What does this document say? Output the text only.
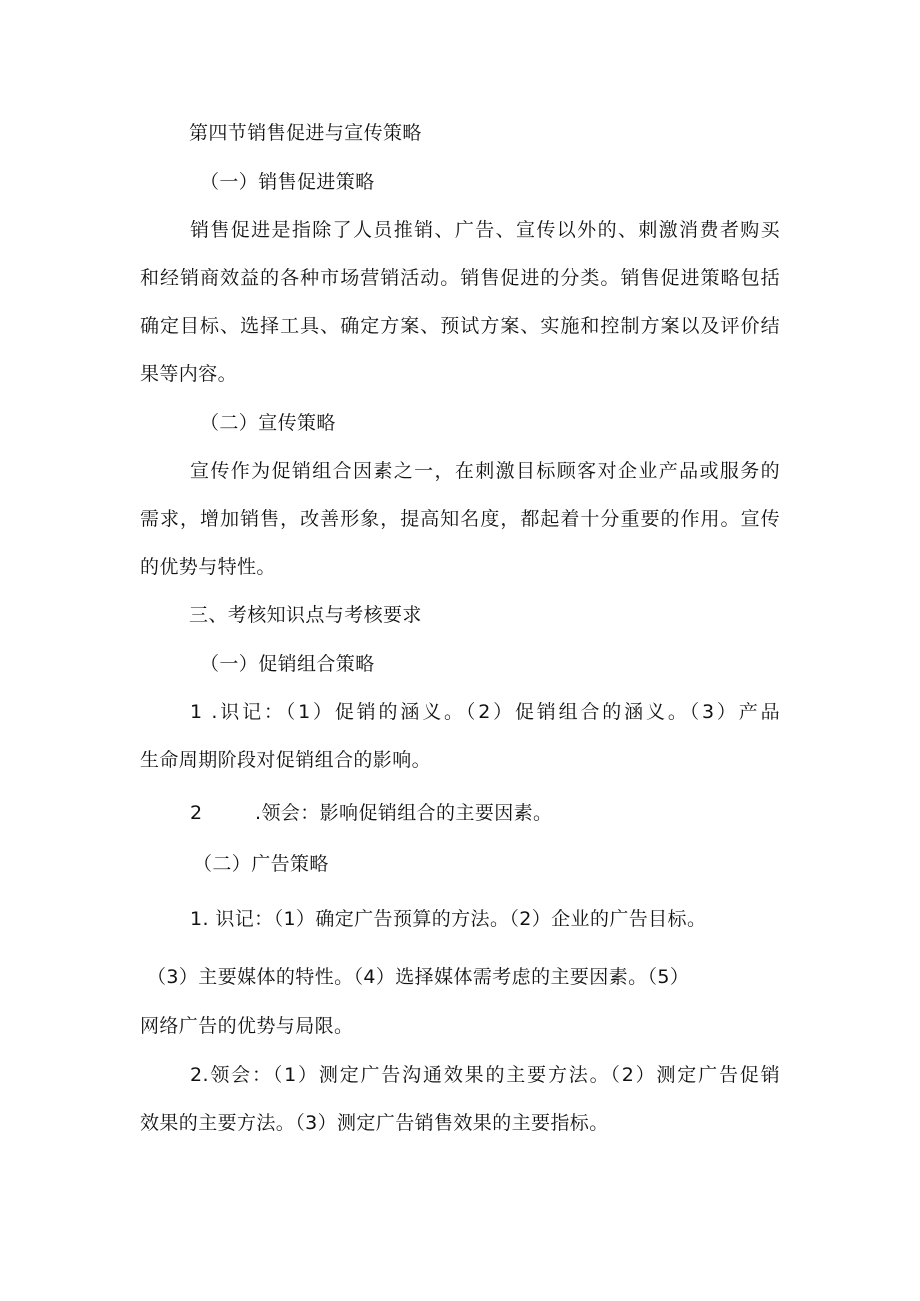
第四节销售促进与宣传策略
（一）销售促进策略
销售促进是指除了人员推销、广告、宣传以外的、刺激消费者购买
和经销商效益的各种市场营销活动。销售促进的分类。销售促进策略包括
确定目标、选择工具、确定方案、预试方案、实施和控制方案以及评价结
果等内容。
（二）宣传策略
宣传作为促销组合因素之一，在刺激目标顾客对企业产品或服务的
需求，增加销售，改善形象，提高知名度，都起着十分重要的作用。宣传
的优势与特性。
三、考核知识点与考核要求
（一）促销组合策略
1 .识记：（1）促销的涵义。（2）促销组合的涵义。（3）产品
生命周期阶段对促销组合的影响。
2	.领会：影响促销组合的主要因素。
（二）广告策略
1. 识记：（1）确定广告预算的方法。（2）企业的广告目标。
（3）主要媒体的特性。（4）选择媒体需考虑的主要因素。（5）
网络广告的优势与局限。
2.领会：（1）测定广告沟通效果的主要方法。（2）测定广告促销
效果的主要方法。（3）测定广告销售效果的主要指标。
